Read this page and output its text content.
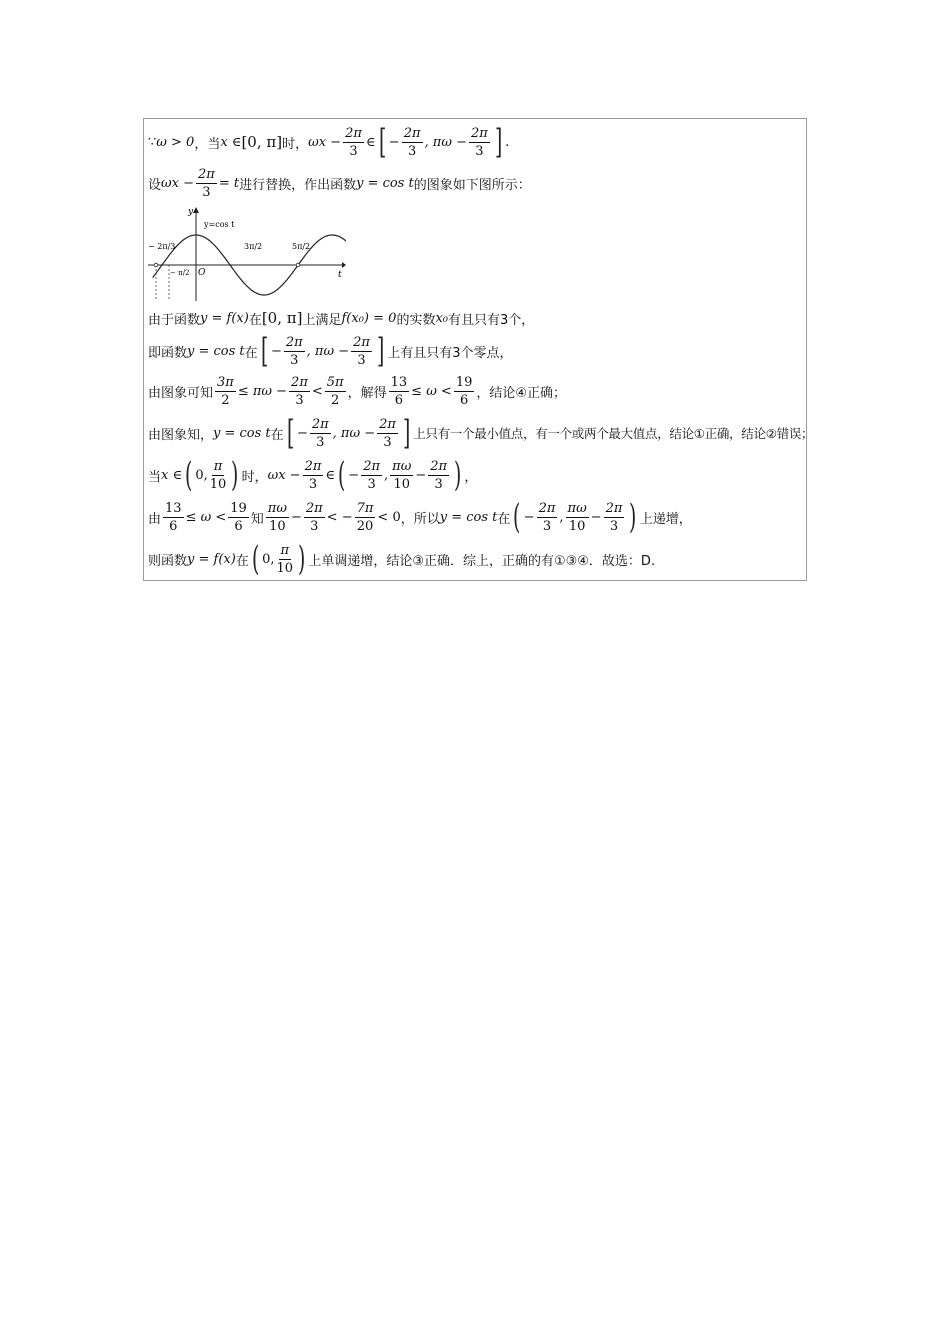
∵ ω > 0 ， 当 x ∈ [0, π] 时， $\omega x - \frac{2\pi}{3}$ ∈ [ − $\frac{2\pi}{3}$ , $\pi\omega - \frac{2\pi}{3}$ ] .
设 $\omega x - \frac{2\pi}{3} = t$ 进行替换，作出函数 y = cos t 的图象如下图所示：
y
t
O
y=cos t
− 2π/3
− π/2
3π/2	5π/2
由于函数 y = f(x) 在 [0, π] 上满足 f(x₀) = 0 的实数 x₀ 有且只有3个，
即函数 y = cos t 在 [ − $\frac{2\pi}{3}$ , $\pi\omega - \frac{2\pi}{3}$ ] 上有且只有3个零点，
由图象可知 $\frac{3\pi}{2} \le \pi\omega - \frac{2\pi}{3} < \frac{5\pi}{2}$ ，解得 $\frac{13}{6} \le \omega < \frac{19}{6}$ ，结论④正确；
由图象知， y = cos t 在 [ − $\frac{2\pi}{3}$ , $\pi\omega - \frac{2\pi}{3}$ ] 上只有一个最小值点，有一个或两个最大值点，结论①正确，结论②错误；
当 x ∈ ( 0, $\frac{\pi}{10}$ ) 时， $\omega x - \frac{2\pi}{3}$ ∈ ( − $\frac{2\pi}{3}$ , $\frac{\pi\omega}{10} - \frac{2\pi}{3}$ ) ，
由 $\frac{13}{6} \le \omega < \frac{19}{6}$ 知 $\frac{\pi\omega}{10} - \frac{2\pi}{3}$ < − $\frac{7\pi}{20} < 0$ ，所以 y = cos t 在 ( − $\frac{2\pi}{3}$ , $\frac{\pi\omega}{10} - \frac{2\pi}{3}$ ) 上递增，
则函数 y = f(x) 在 ( 0, $\frac{\pi}{10}$ ) 上单调递增，结论③正确．综上，正确的有①③④．故选：D.
